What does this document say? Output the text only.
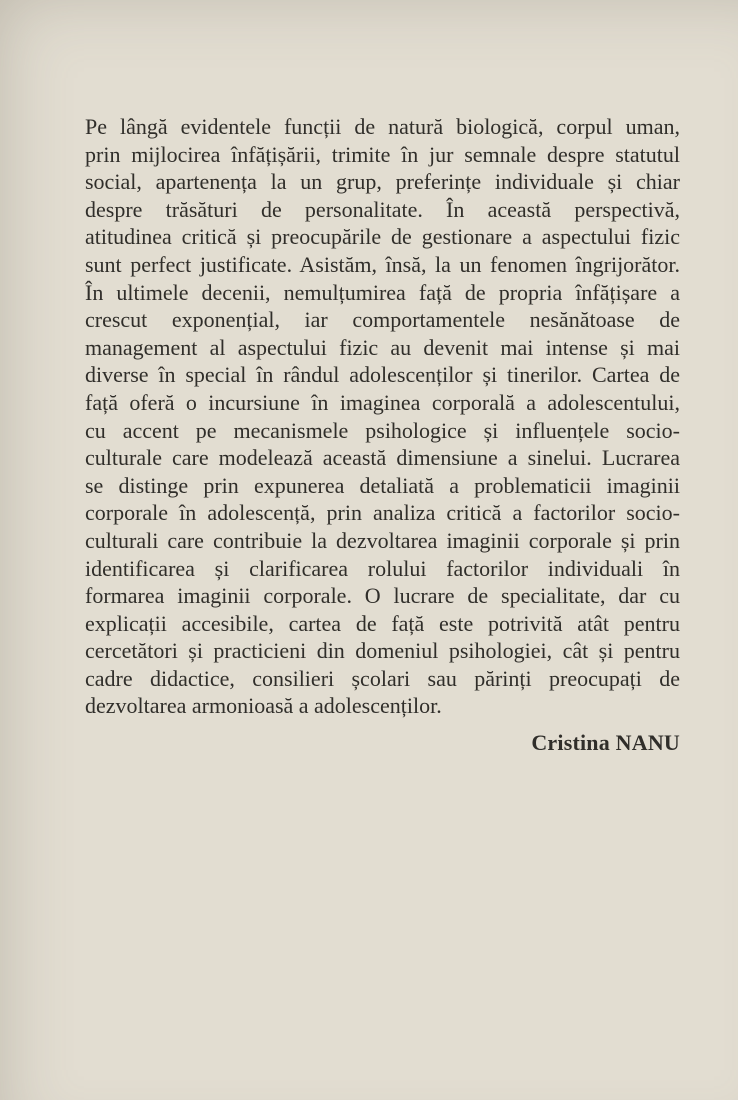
Pe lângă evidentele funcții de natură biologică, corpul uman,
prin mijlocirea înfățișării, trimite în jur semnale despre statutul
social, apartenența la un grup, preferințe individuale și chiar
despre trăsături de personalitate. În această perspectivă,
atitudinea critică și preocupările de gestionare a aspectului fizic
sunt perfect justificate. Asistăm, însă, la un fenomen îngrijorător.
În ultimele decenii, nemulțumirea față de propria înfățișare a
crescut exponențial, iar comportamentele nesănătoase de
management al aspectului fizic au devenit mai intense și mai
diverse în special în rândul adolescenților și tinerilor. Cartea de
față oferă o incursiune în imaginea corporală a adolescentului,
cu accent pe mecanismele psihologice și influențele socio-
culturale care modelează această dimensiune a sinelui. Lucrarea
se distinge prin expunerea detaliată a problematicii imaginii
corporale în adolescență, prin analiza critică a factorilor socio-
culturali care contribuie la dezvoltarea imaginii corporale și prin
identificarea și clarificarea rolului factorilor individuali în
formarea imaginii corporale. O lucrare de specialitate, dar cu
explicații accesibile, cartea de față este potrivită atât pentru
cercetători și practicieni din domeniul psihologiei, cât și pentru
cadre didactice, consilieri școlari sau părinți preocupați de
dezvoltarea armonioasă a adolescenților.
Cristina NANU
